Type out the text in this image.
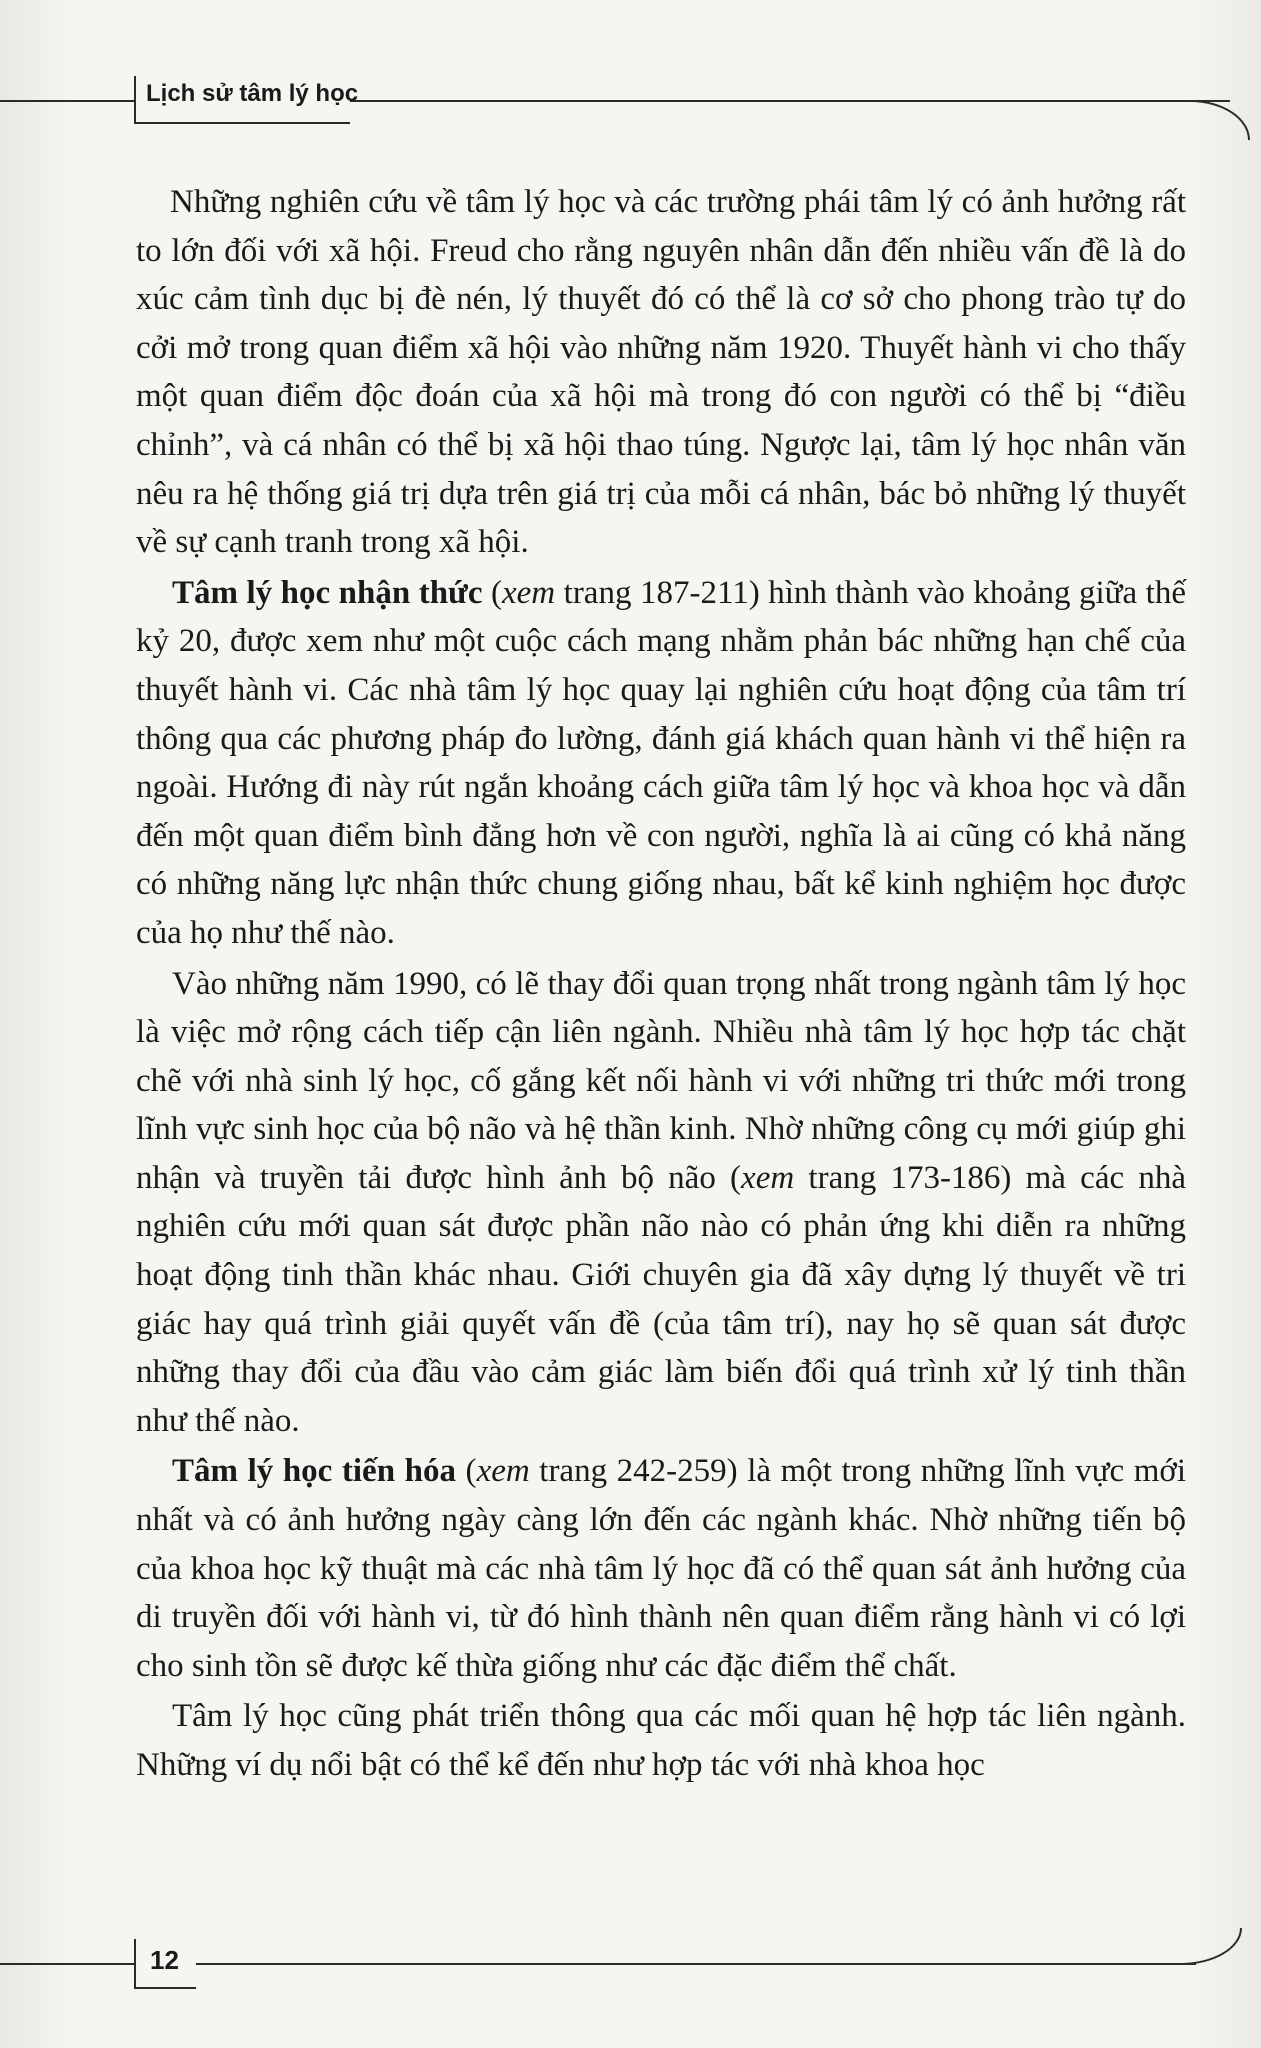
Lịch sử tâm lý học

Những nghiên cứu về tâm lý học và các trường phái tâm lý có ảnh hưởng rất to lớn đối với xã hội. Freud cho rằng nguyên nhân dẫn đến nhiều vấn đề là do xúc cảm tình dục bị đè nén, lý thuyết đó có thể là cơ sở cho phong trào tự do cởi mở trong quan điểm xã hội vào những năm 1920. Thuyết hành vi cho thấy một quan điểm độc đoán của xã hội mà trong đó con người có thể bị “điều chỉnh”, và cá nhân có thể bị xã hội thao túng. Ngược lại, tâm lý học nhân văn nêu ra hệ thống giá trị dựa trên giá trị của mỗi cá nhân, bác bỏ những lý thuyết về sự cạnh tranh trong xã hội.

Tâm lý học nhận thức (xem trang 187-211) hình thành vào khoảng giữa thế kỷ 20, được xem như một cuộc cách mạng nhằm phản bác những hạn chế của thuyết hành vi. Các nhà tâm lý học quay lại nghiên cứu hoạt động của tâm trí thông qua các phương pháp đo lường, đánh giá khách quan hành vi thể hiện ra ngoài. Hướng đi này rút ngắn khoảng cách giữa tâm lý học và khoa học và dẫn đến một quan điểm bình đẳng hơn về con người, nghĩa là ai cũng có khả năng có những năng lực nhận thức chung giống nhau, bất kể kinh nghiệm học được của họ như thế nào.

Vào những năm 1990, có lẽ thay đổi quan trọng nhất trong ngành tâm lý học là việc mở rộng cách tiếp cận liên ngành. Nhiều nhà tâm lý học hợp tác chặt chẽ với nhà sinh lý học, cố gắng kết nối hành vi với những tri thức mới trong lĩnh vực sinh học của bộ não và hệ thần kinh. Nhờ những công cụ mới giúp ghi nhận và truyền tải được hình ảnh bộ não (xem trang 173-186) mà các nhà nghiên cứu mới quan sát được phần não nào có phản ứng khi diễn ra những hoạt động tinh thần khác nhau. Giới chuyên gia đã xây dựng lý thuyết về tri giác hay quá trình giải quyết vấn đề (của tâm trí), nay họ sẽ quan sát được những thay đổi của đầu vào cảm giác làm biến đổi quá trình xử lý tinh thần như thế nào.

Tâm lý học tiến hóa (xem trang 242-259) là một trong những lĩnh vực mới nhất và có ảnh hưởng ngày càng lớn đến các ngành khác. Nhờ những tiến bộ của khoa học kỹ thuật mà các nhà tâm lý học đã có thể quan sát ảnh hưởng của di truyền đối với hành vi, từ đó hình thành nên quan điểm rằng hành vi có lợi cho sinh tồn sẽ được kế thừa giống như các đặc điểm thể chất.

Tâm lý học cũng phát triển thông qua các mối quan hệ hợp tác liên ngành. Những ví dụ nổi bật có thể kể đến như hợp tác với nhà khoa học

12
